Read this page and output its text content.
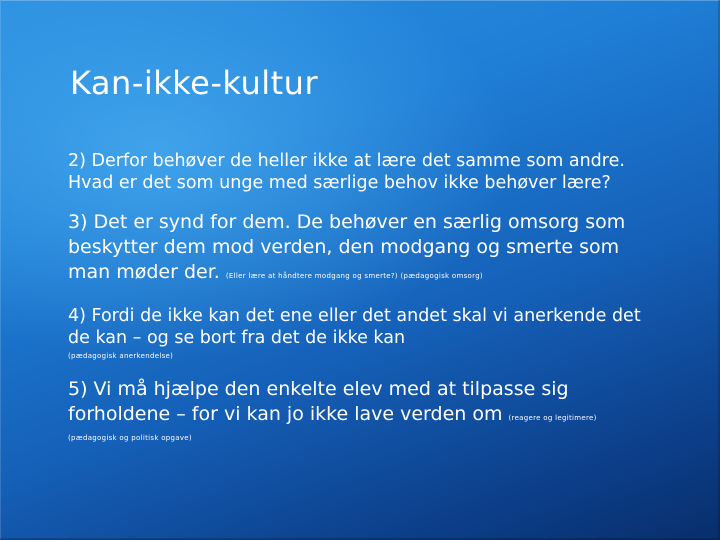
Kan-ikke-kultur

2) Derfor behøver de heller ikke at lære det samme som andre. Hvad er det som unge med særlige behov ikke behøver lære?

3) Det er synd for dem. De behøver en særlig omsorg som beskytter dem mod verden, den modgang og smerte som man møder der. (Eller lære at håndtere modgang og smerte?) (pædagogisk omsorg)

4) Fordi de ikke kan det ene eller det andet skal vi anerkende det de kan – og se bort fra det de ikke kan
(pædagogisk anerkendelse)

5) Vi må hjælpe den enkelte elev med at tilpasse sig forholdene – for vi kan jo ikke lave verden om (reagere og legitimere)
(pædagogisk og politisk opgave)
